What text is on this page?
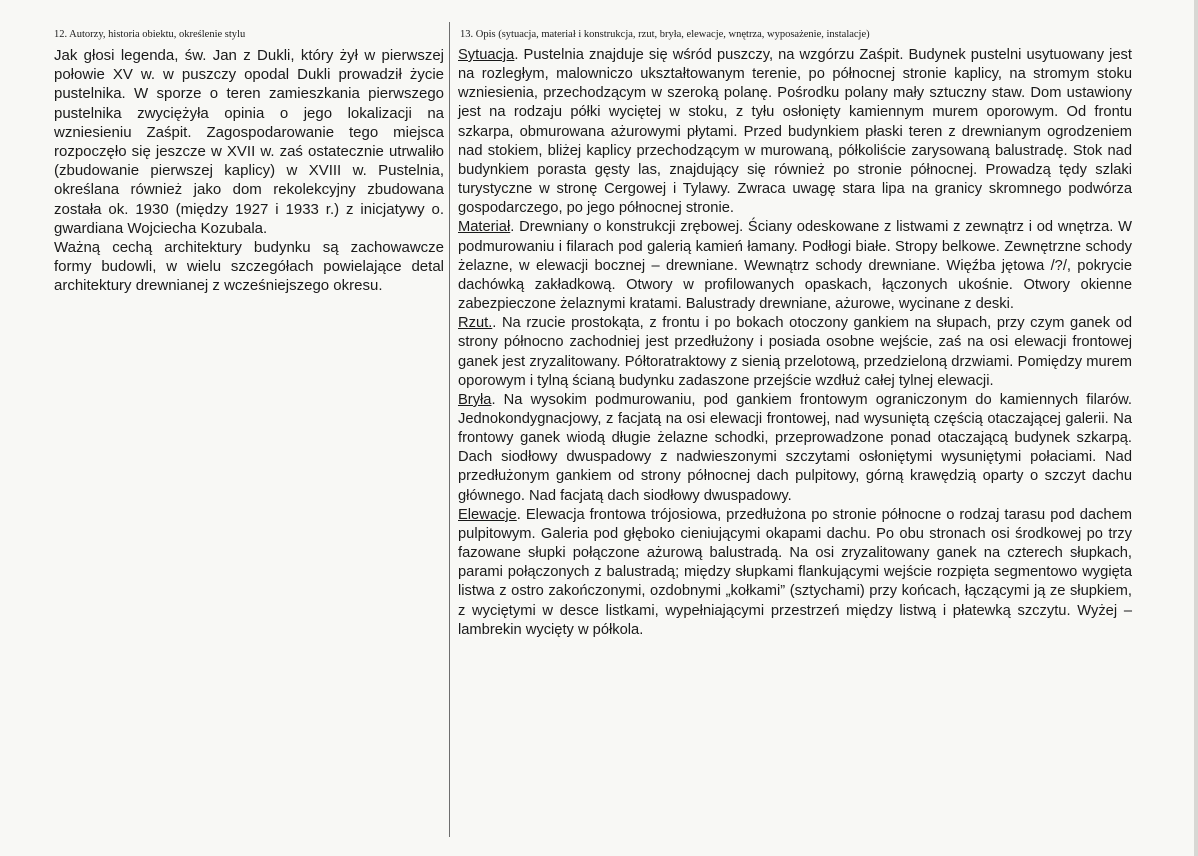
12. Autorzy, historia obiektu, określenie stylu

Jak głosi legenda, św. Jan z Dukli, który żył w pierwszej połowie XV w. w puszczy opodal Dukli prowadził życie pustelnika. W sporze o teren zamieszkania pierwszego pustelnika zwyciężyła opinia o jego lokalizacji na wzniesieniu Zaśpit. Zagospodarowanie tego miejsca rozpoczęło się jeszcze w XVII w. zaś ostatecznie utrwaliło (zbudowanie pierwszej kaplicy) w XVIII w. Pustelnia, określana również jako dom rekolekcyjny zbudowana została ok. 1930 (między 1927 i 1933 r.) z inicjatywy o. gwardiana Wojciecha Kozubala.

Ważną cechą architektury budynku są zachowawcze formy budowli, w wielu szczegółach powielające detal architektury drewnianej z wcześniejszego okresu.

13. Opis (sytuacja, materiał i konstrukcja, rzut, bryła, elewacje, wnętrza, wyposażenie, instalacje)

Sytuacja. Pustelnia znajduje się wśród puszczy, na wzgórzu Zaśpit. Budynek pustelni usytuowany jest na rozległym, malowniczo ukształtowanym terenie, po północnej stronie kaplicy, na stromym stoku wzniesienia, przechodzącym w szeroką polanę. Pośrodku polany mały sztuczny staw. Dom ustawiony jest na rodzaju półki wyciętej w stoku, z tyłu osłonięty kamiennym murem oporowym. Od frontu szkarpa, obmurowana ażurowymi płytami. Przed budynkiem płaski teren z drewnianym ogrodzeniem nad stokiem, bliżej kaplicy przechodzącym w murowaną, półkoliście zarysowaną balustradę. Stok nad budynkiem porasta gęsty las, znajdujący się również po stronie północnej. Prowadzą tędy szlaki turystyczne w stronę Cergowej i Tylawy. Zwraca uwagę stara lipa na granicy skromnego podwórza gospodarczego, po jego północnej stronie.

Materiał. Drewniany o konstrukcji zrębowej. Ściany odeskowane z listwami z zewnątrz i od wnętrza. W podmurowaniu i filarach pod galerią kamień łamany. Podłogi białe. Stropy belkowe. Zewnętrzne schody żelazne, w elewacji bocznej – drewniane. Wewnątrz schody drewniane. Więźba jętowa /?/, pokrycie dachówką zakładkową. Otwory w profilowanych opaskach, łączonych ukośnie. Otwory okienne zabezpieczone żelaznymi kratami. Balustrady drewniane, ażurowe, wycinane z deski.

Rzut.. Na rzucie prostokąta, z frontu i po bokach otoczony gankiem na słupach, przy czym ganek od strony północno zachodniej jest przedłużony i posiada osobne wejście, zaś na osi elewacji frontowej ganek jest zryzalitowany. Półtoratraktowy z sienią przelotową, przedzieloną drzwiami. Pomiędzy murem oporowym i tylną ścianą budynku zadaszone przejście wzdłuż całej tylnej elewacji.

Bryła. Na wysokim podmurowaniu, pod gankiem frontowym ograniczonym do kamiennych filarów. Jednokondygnacjowy, z facjatą na osi elewacji frontowej, nad wysuniętą częścią otaczającej galerii. Na frontowy ganek wiodą długie żelazne schodki, przeprowadzone ponad otaczającą budynek szkarpą. Dach siodłowy dwuspadowy z nadwieszonymi szczytami osłoniętymi wysuniętymi połaciami. Nad przedłużonym gankiem od strony północnej dach pulpitowy, górną krawędzią oparty o szczyt dachu głównego. Nad facjatą dach siodłowy dwuspadowy.

Elewacje. Elewacja frontowa trójosiowa, przedłużona po stronie północne o rodzaj tarasu pod dachem pulpitowym. Galeria pod głęboko cieniującymi okapami dachu. Po obu stronach osi środkowej po trzy fazowane słupki połączone ażurową balustradą. Na osi zryzalitowany ganek na czterech słupkach, parami połączonych z balustradą; między słupkami flankującymi wejście rozpięta segmentowo wygięta listwa z ostro zakończonymi, ozdobnymi „kołkami” (sztychami) przy końcach, łączącymi ją ze słupkiem, z wyciętymi w desce listkami, wypełniającymi przestrzeń między listwą i płatewką szczytu. Wyżej – lambrekin wycięty w półkola.
